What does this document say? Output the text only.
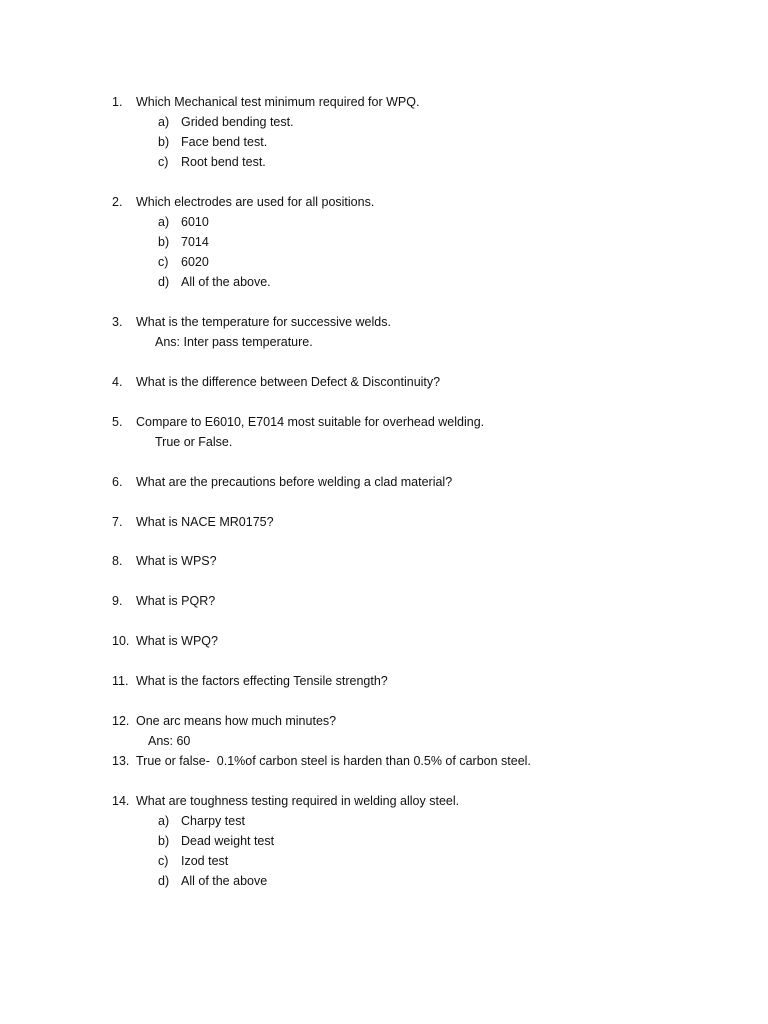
1. Which Mechanical test minimum required for WPQ.
a) Grided bending test.
b) Face bend test.
c) Root bend test.
2. Which electrodes are used for all positions.
a) 6010
b) 7014
c) 6020
d) All of the above.
3. What is the temperature for successive welds.
Ans: Inter pass temperature.
4. What is the difference between Defect & Discontinuity?
5. Compare to E6010, E7014 most suitable for overhead welding.
True or False.
6. What are the precautions before welding a clad material?
7. What is NACE MR0175?
8. What is WPS?
9. What is PQR?
10. What is WPQ?
11. What is the factors effecting Tensile strength?
12. One arc means how much minutes?
Ans: 60
13. True or false-  0.1%of carbon steel is harden than 0.5% of carbon steel.
14. What are toughness testing required in welding alloy steel.
a) Charpy test
b) Dead weight test
c) Izod test
d) All of the above
